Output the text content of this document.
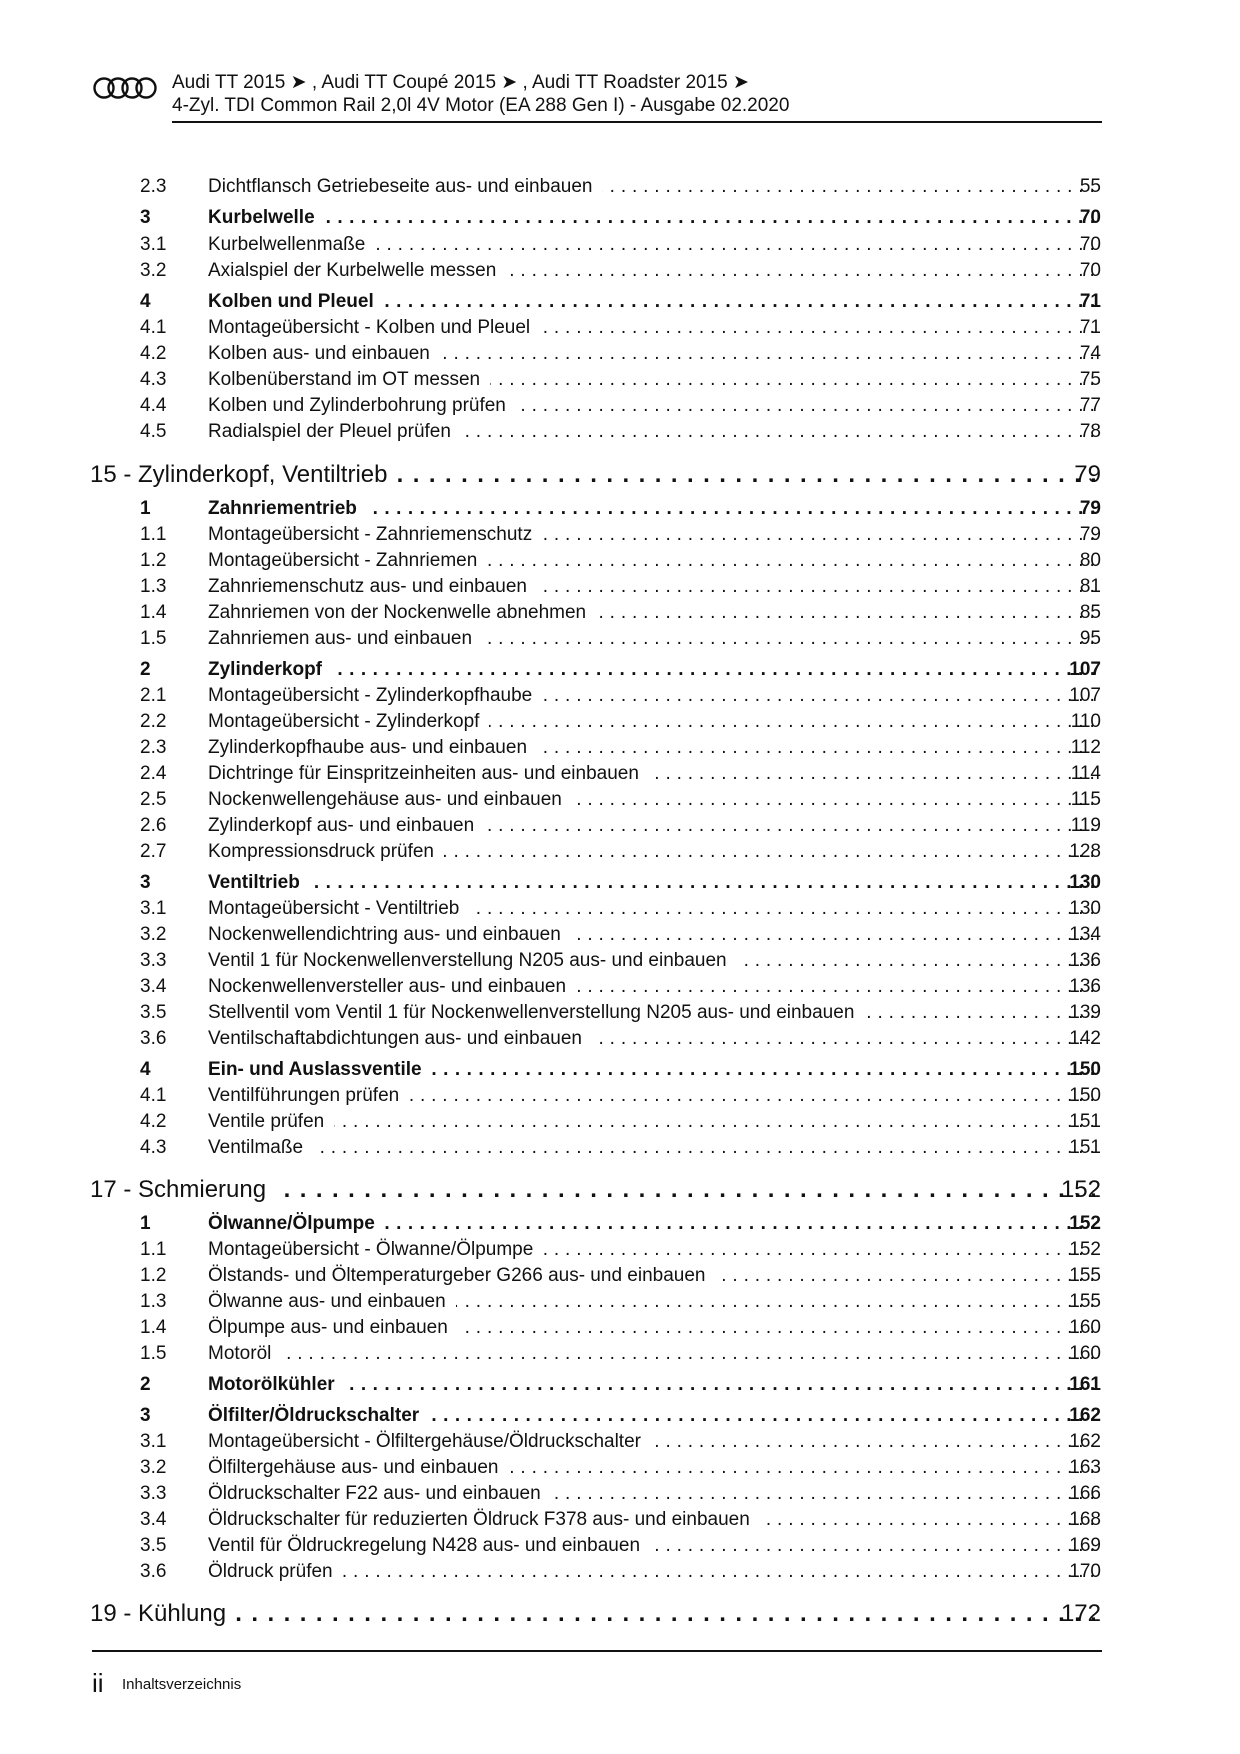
Audi TT 2015 ➤ , Audi TT Coupé 2015 ➤ , Audi TT Roadster 2015 ➤
4-Zyl. TDI Common Rail 2,0l 4V Motor (EA 288 Gen I) - Ausgabe 02.2020
2.3 Dichtflansch Getriebeseite aus- und einbauen . . .	55
3	Kurbelwelle . . .	70
3.1 Kurbelwellenmaße . . .	70
3.2 Axialspiel der Kurbelwelle messen . . .	70
4	Kolben und Pleuel . . .	71
4.1 Montageübersicht - Kolben und Pleuel . . .	71
4.2 Kolben aus- und einbauen . . .	74
4.3 Kolbenüberstand im OT messen . . .	75
4.4 Kolben und Zylinderbohrung prüfen . . .	77
4.5 Radialspiel der Pleuel prüfen . . .	78
15 - Zylinderkopf, Ventiltrieb . . .	79
1	Zahnriementrieb . . .	79
1.1 Montageübersicht - Zahnriemenschutz . . .	79
1.2 Montageübersicht - Zahnriemen . . .	80
1.3 Zahnriemenschutz aus- und einbauen . . .	81
1.4 Zahnriemen von der Nockenwelle abnehmen . . .	85
1.5 Zahnriemen aus- und einbauen . . .	95
2	Zylinderkopf . . .	107
2.1 Montageübersicht - Zylinderkopfhaube . . .	107
2.2 Montageübersicht - Zylinderkopf . . .	110
2.3 Zylinderkopfhaube aus- und einbauen . . .	112
2.4 Dichtringe für Einspritzeinheiten aus- und einbauen . . .	114
2.5 Nockenwellengehäuse aus- und einbauen . . .	115
2.6 Zylinderkopf aus- und einbauen . . .	119
2.7 Kompressionsdruck prüfen . . .	128
3	Ventiltrieb . . .	130
3.1 Montageübersicht - Ventiltrieb . . .	130
3.2 Nockenwellendichtring aus- und einbauen . . .	134
3.3 Ventil 1 für Nockenwellenverstellung N205 aus- und einbauen . . .	136
3.4 Nockenwellenversteller aus- und einbauen . . .	136
3.5 Stellventil vom Ventil 1 für Nockenwellenverstellung N205 aus- und einbauen . . .	139
3.6 Ventilschaftabdichtungen aus- und einbauen . . .	142
4	Ein- und Auslassventile . . .	150
4.1 Ventilführungen prüfen . . .	150
4.2 Ventile prüfen . . .	151
4.3 Ventilmaße . . .	151
17 - Schmierung . . .	152
1	Ölwanne/Ölpumpe . . .	152
1.1 Montageübersicht - Ölwanne/Ölpumpe . . .	152
1.2 Ölstands- und Öltemperaturgeber G266 aus- und einbauen . . .	155
1.3 Ölwanne aus- und einbauen . . .	155
1.4 Ölpumpe aus- und einbauen . . .	160
1.5 Motoröl . . .	160
2	Motorölkühler . . .	161
3	Ölfilter/Öldruckschalter . . .	162
3.1 Montageübersicht - Ölfiltergehäuse/Öldruckschalter . . .	162
3.2 Ölfiltergehäuse aus- und einbauen . . .	163
3.3 Öldruckschalter F22 aus- und einbauen . . .	166
3.4 Öldruckschalter für reduzierten Öldruck F378 aus- und einbauen . . .	168
3.5 Ventil für Öldruckregelung N428 aus- und einbauen . . .	169
3.6 Öldruck prüfen . . .	170
19 - Kühlung . . .	172
ii Inhaltsverzeichnis
